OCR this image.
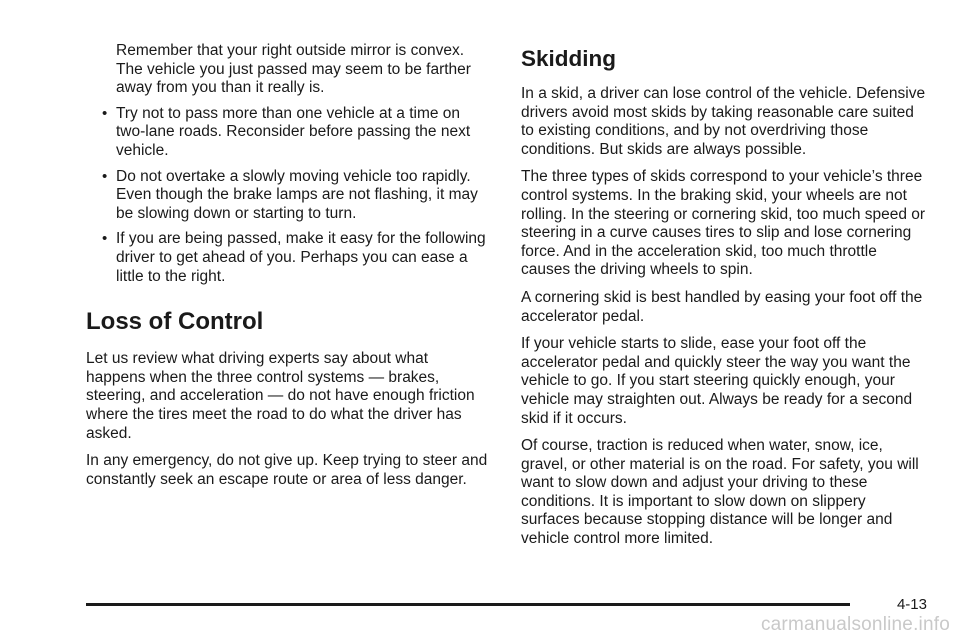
Remember that your right outside mirror is convex. The vehicle you just passed may seem to be farther away from you than it really is.

• Try not to pass more than one vehicle at a time on two-lane roads. Reconsider before passing the next vehicle.
• Do not overtake a slowly moving vehicle too rapidly. Even though the brake lamps are not flashing, it may be slowing down or starting to turn.
• If you are being passed, make it easy for the following driver to get ahead of you. Perhaps you can ease a little to the right.
Loss of Control

Let us review what driving experts say about what happens when the three control systems — brakes, steering, and acceleration — do not have enough friction where the tires meet the road to do what the driver has asked.

In any emergency, do not give up. Keep trying to steer and constantly seek an escape route or area of less danger.

Skidding

In a skid, a driver can lose control of the vehicle. Defensive drivers avoid most skids by taking reasonable care suited to existing conditions, and by not overdriving those conditions. But skids are always possible.

The three types of skids correspond to your vehicle’s three control systems. In the braking skid, your wheels are not rolling. In the steering or cornering skid, too much speed or steering in a curve causes tires to slip and lose cornering force. And in the acceleration skid, too much throttle causes the driving wheels to spin.

A cornering skid is best handled by easing your foot off the accelerator pedal.

If your vehicle starts to slide, ease your foot off the accelerator pedal and quickly steer the way you want the vehicle to go. If you start steering quickly enough, your vehicle may straighten out. Always be ready for a second skid if it occurs.

Of course, traction is reduced when water, snow, ice, gravel, or other material is on the road. For safety, you will want to slow down and adjust your driving to these conditions. It is important to slow down on slippery surfaces because stopping distance will be longer and vehicle control more limited.

4-13
carmanualsonline.info
